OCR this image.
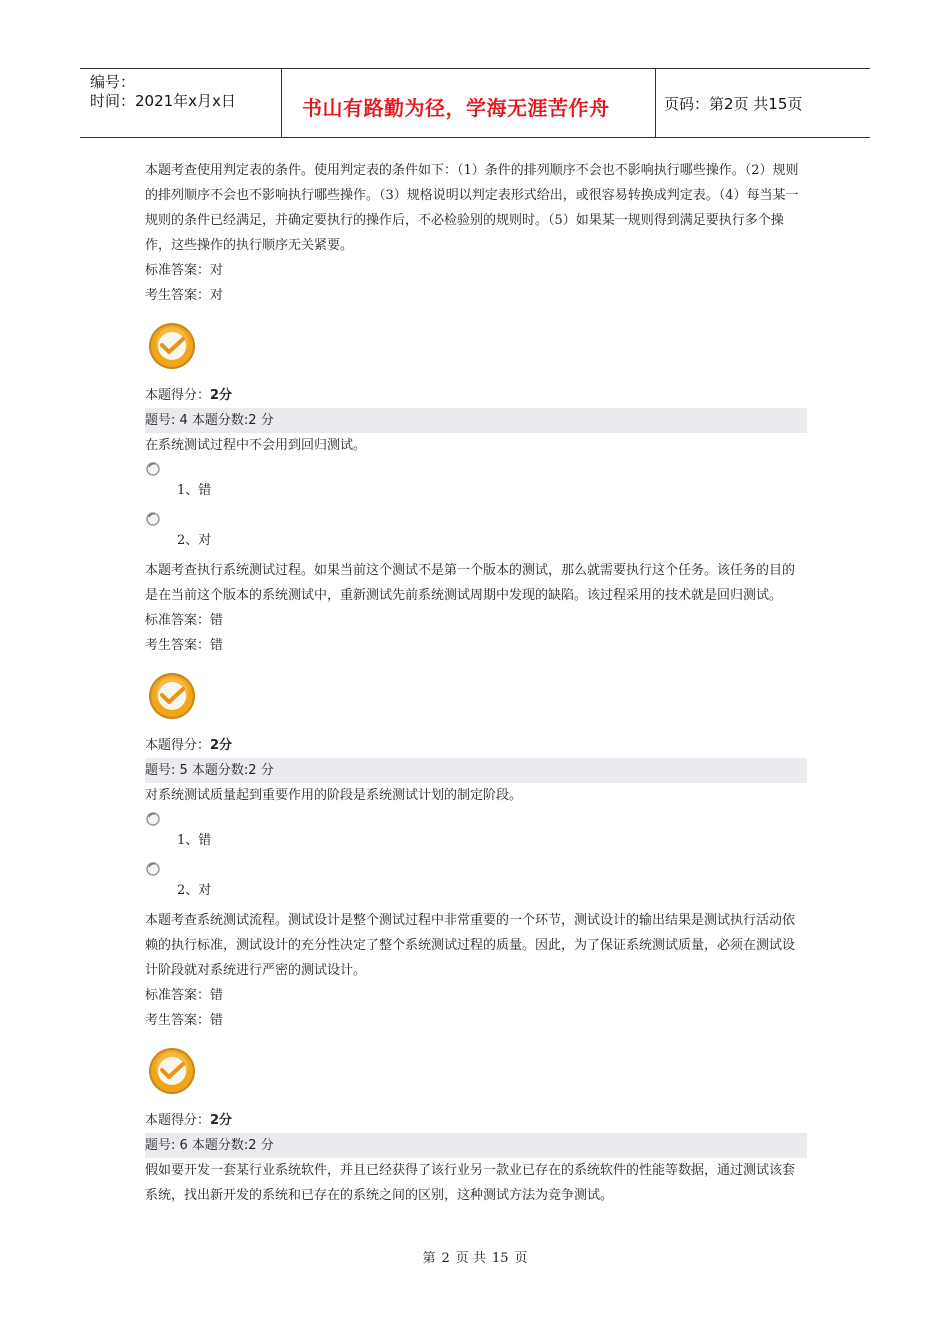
编号：
时间：2021年x月x日	书山有路勤为径，学海无涯苦作舟	页码：第2页 共15页

本题考查使用判定表的条件。使用判定表的条件如下：（1）条件的排列顺序不会也不影响执行哪些操作。（2）规则的排列顺序不会也不影响执行哪些操作。（3）规格说明以判定表形式给出，或很容易转换成判定表。（4）每当某一规则的条件已经满足，并确定要执行的操作后，不必检验别的规则时。（5）如果某一规则得到满足要执行多个操作，这些操作的执行顺序无关紧要。

标准答案：对
考生答案：对
本题得分：2分
题号: 4 本题分数:2 分
在系统测试过程中不会用到回归测试。
1、错
2、对

本题考查执行系统测试过程。如果当前这个测试不是第一个版本的测试，那么就需要执行这个任务。该任务的目的是在当前这个版本的系统测试中，重新测试先前系统测试周期中发现的缺陷。该过程采用的技术就是回归测试。

标准答案：错
考生答案：错
本题得分：2分
题号: 5 本题分数:2 分
对系统测试质量起到重要作用的阶段是系统测试计划的制定阶段。
1、错
2、对

本题考查系统测试流程。测试设计是整个测试过程中非常重要的一个环节，测试设计的输出结果是测试执行活动依赖的执行标准，测试设计的充分性决定了整个系统测试过程的质量。因此，为了保证系统测试质量，必须在测试设计阶段就对系统进行严密的测试设计。

标准答案：错
考生答案：错
本题得分：2分
题号: 6 本题分数:2 分

假如要开发一套某行业系统软件，并且已经获得了该行业另一款业已存在的系统软件的性能等数据，通过测试该套系统，找出新开发的系统和已存在的系统之间的区别，这种测试方法为竞争测试。

第 2 页 共 15 页
